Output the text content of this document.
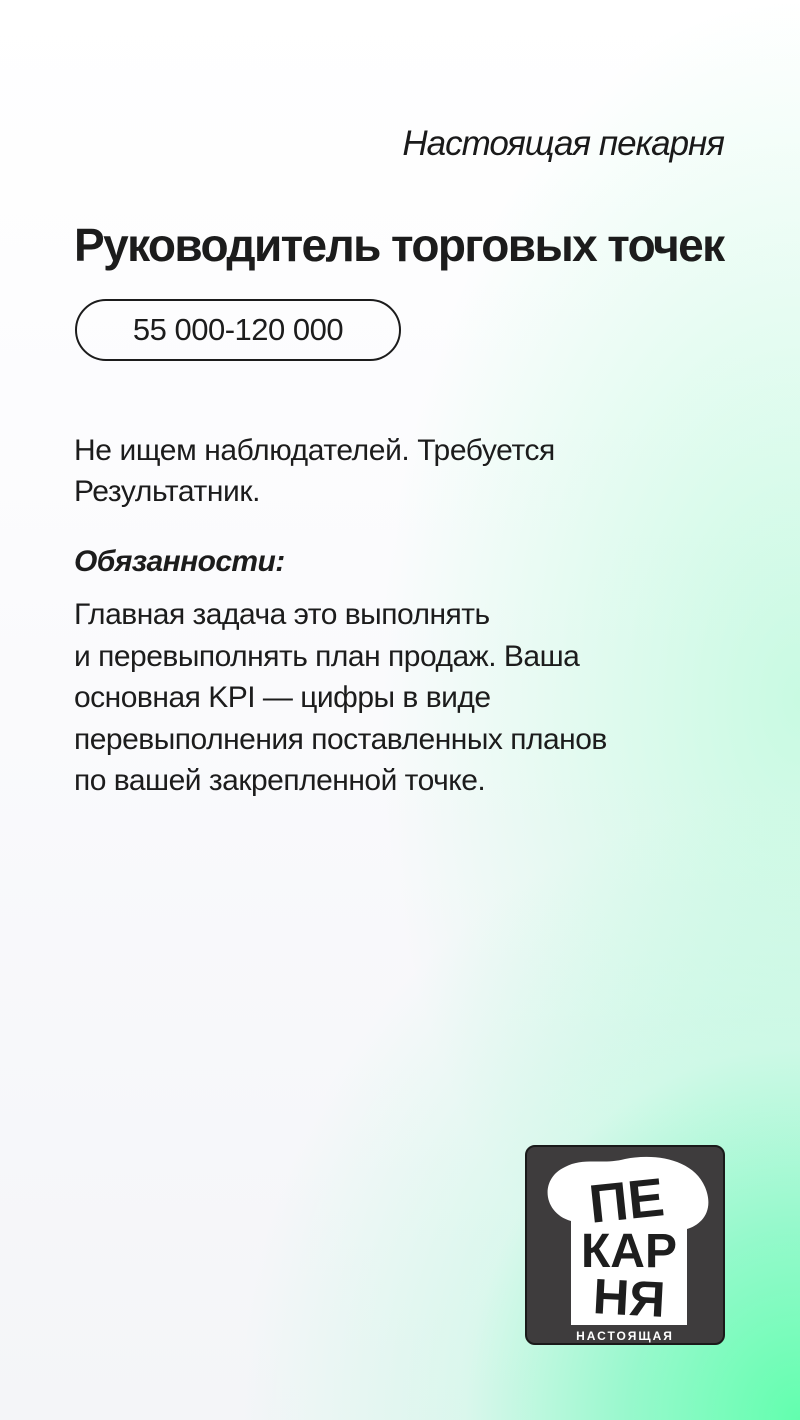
Настоящая пекарня
Руководитель торговых точек
55 000-120 000

Не ищем наблюдателей. Требуется
Результатник.

Обязанности:

Главная задача это выполнять
и перевыполнять план продаж. Ваша
основная KPI — цифры в виде
перевыполнения поставленных планов
по вашей закрепленной точке.

ПЕ
КАР
НЯ
НАСТОЯЩАЯ
